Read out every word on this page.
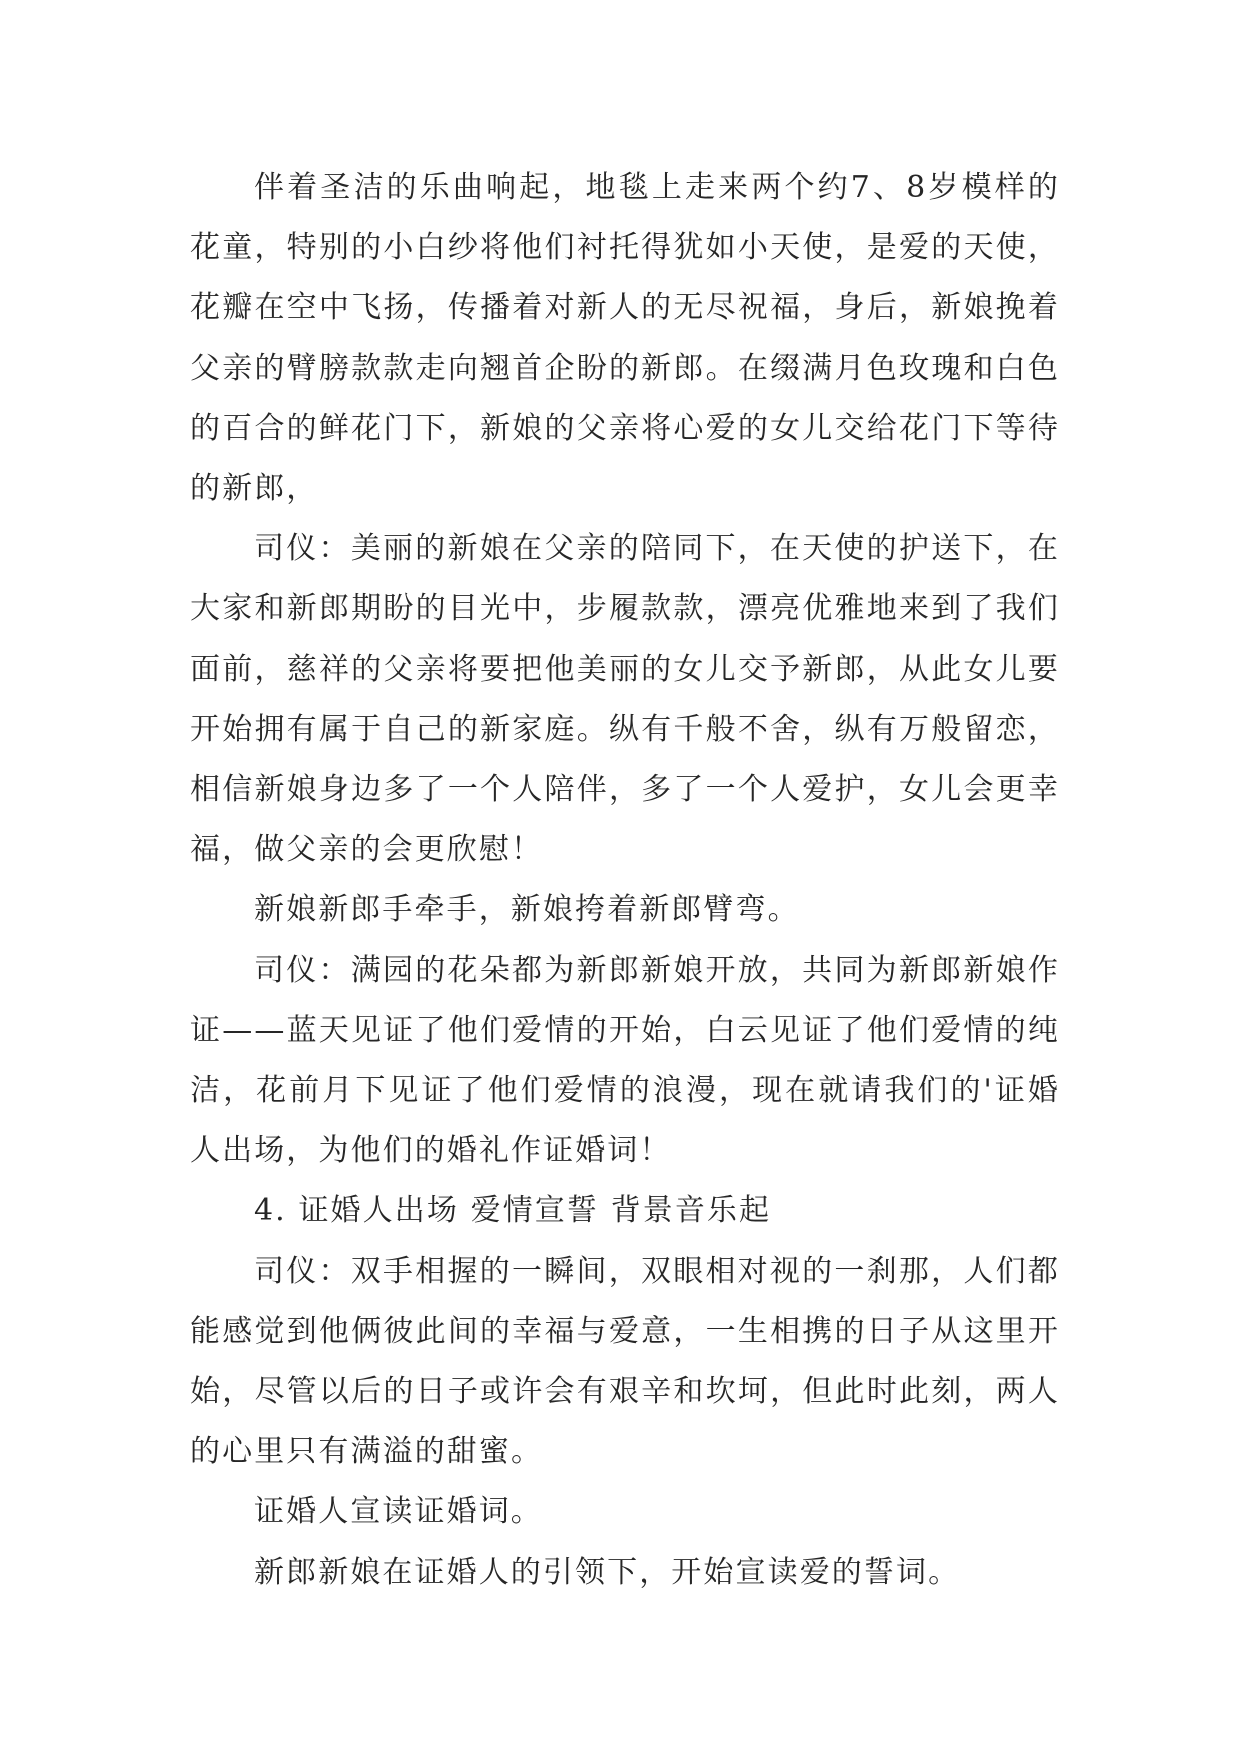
伴着圣洁的乐曲响起，地毯上走来两个约7、8岁模样的花童，特别的小白纱将他们衬托得犹如小天使，是爱的天使，花瓣在空中飞扬，传播着对新人的无尽祝福，身后，新娘挽着父亲的臂膀款款走向翘首企盼的新郎。在缀满月色玫瑰和白色的百合的鲜花门下，新娘的父亲将心爱的女儿交给花门下等待的新郎，

司仪：美丽的新娘在父亲的陪同下，在天使的护送下，在大家和新郎期盼的目光中，步履款款，漂亮优雅地来到了我们面前，慈祥的父亲将要把他美丽的女儿交予新郎，从此女儿要开始拥有属于自己的新家庭。纵有千般不舍，纵有万般留恋，相信新娘身边多了一个人陪伴，多了一个人爱护，女儿会更幸福，做父亲的会更欣慰！

新娘新郎手牵手，新娘挎着新郎臂弯。

司仪：满园的花朵都为新郎新娘开放，共同为新郎新娘作证——蓝天见证了他们爱情的开始，白云见证了他们爱情的纯洁，花前月下见证了他们爱情的浪漫，现在就请我们的'证婚人出场，为他们的婚礼作证婚词！

4. 证婚人出场 爱情宣誓 背景音乐起

司仪：双手相握的一瞬间，双眼相对视的一刹那，人们都能感觉到他俩彼此间的幸福与爱意，一生相携的日子从这里开始，尽管以后的日子或许会有艰辛和坎坷，但此时此刻，两人的心里只有满溢的甜蜜。

证婚人宣读证婚词。

新郎新娘在证婚人的引领下，开始宣读爱的誓词。
